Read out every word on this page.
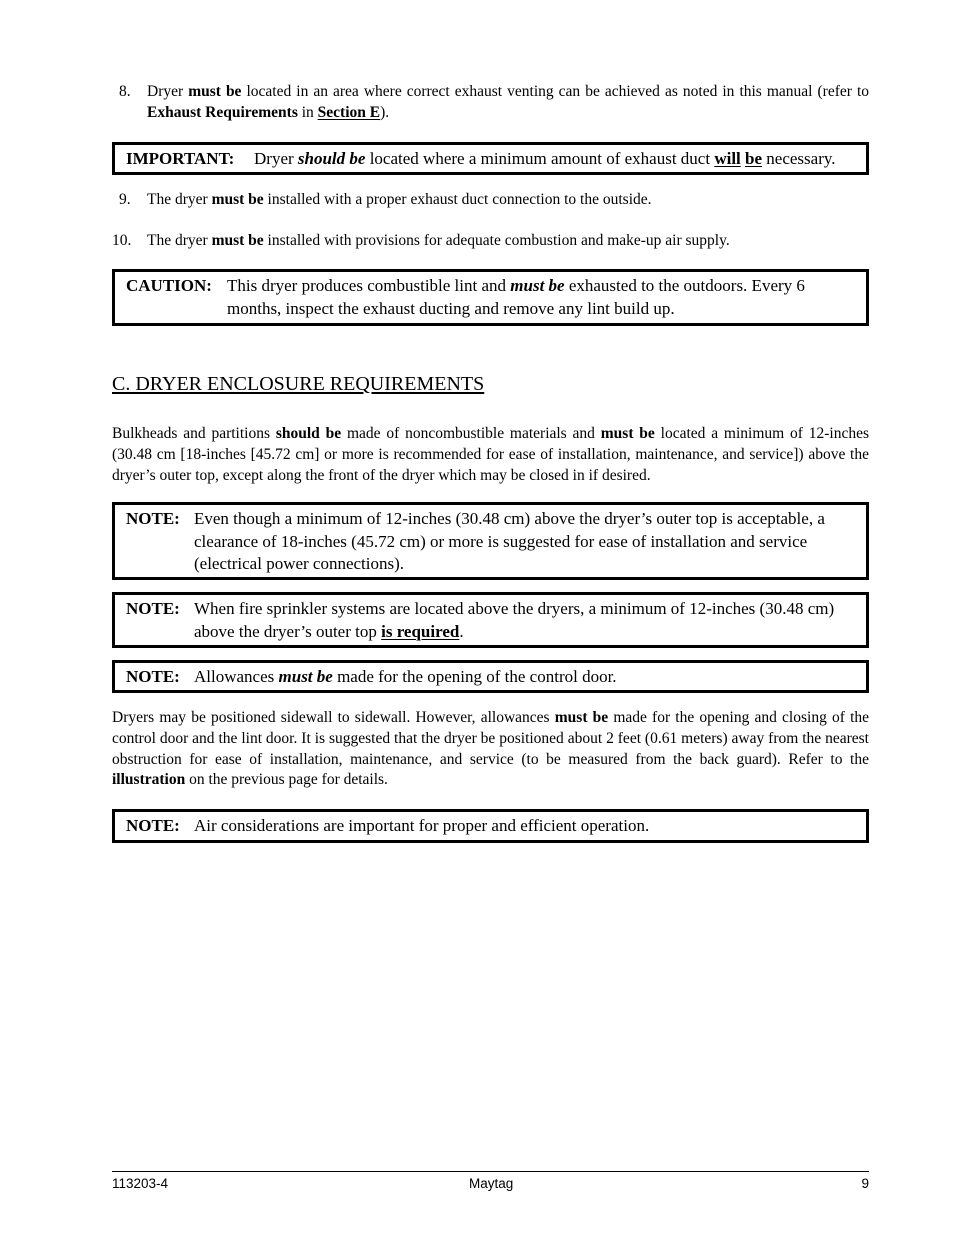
8. Dryer must be located in an area where correct exhaust venting can be achieved as noted in this manual (refer to Exhaust Requirements in Section E).
IMPORTANT: Dryer should be located where a minimum amount of exhaust duct will be necessary.
9. The dryer must be installed with a proper exhaust duct connection to the outside.
10. The dryer must be installed with provisions for adequate combustion and make-up air supply.
CAUTION: This dryer produces combustible lint and must be exhausted to the outdoors. Every 6 months, inspect the exhaust ducting and remove any lint build up.
C. DRYER ENCLOSURE REQUIREMENTS
Bulkheads and partitions should be made of noncombustible materials and must be located a minimum of 12-inches (30.48 cm [18-inches [45.72 cm] or more is recommended for ease of installation, maintenance, and service]) above the dryer’s outer top, except along the front of the dryer which may be closed in if desired.
NOTE: Even though a minimum of 12-inches (30.48 cm) above the dryer’s outer top is acceptable, a clearance of 18-inches (45.72 cm) or more is suggested for ease of installation and service (electrical power connections).
NOTE: When fire sprinkler systems are located above the dryers, a minimum of 12-inches (30.48 cm) above the dryer’s outer top is required.
NOTE: Allowances must be made for the opening of the control door.
Dryers may be positioned sidewall to sidewall. However, allowances must be made for the opening and closing of the control door and the lint door. It is suggested that the dryer be positioned about 2 feet (0.61 meters) away from the nearest obstruction for ease of installation, maintenance, and service (to be measured from the back guard). Refer to the illustration on the previous page for details.
NOTE: Air considerations are important for proper and efficient operation.
113203-4	Maytag	9
